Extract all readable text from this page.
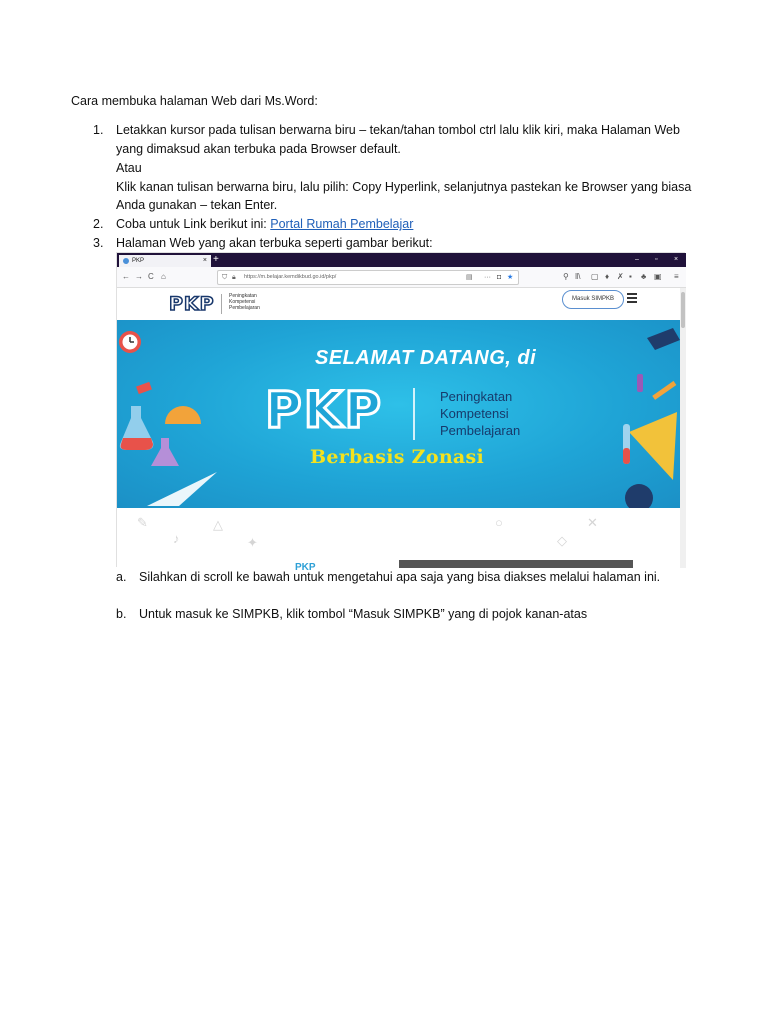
Cara membuka halaman Web dari Ms.Word:
1. Letakkan kursor pada tulisan berwarna biru – tekan/tahan tombol ctrl lalu klik kiri, maka Halaman Web
yang dimaksud akan terbuka pada Browser default.
Atau
Klik kanan tulisan berwarna biru, lalu pilih: Copy Hyperlink, selanjutnya pastekan ke Browser yang biasa
Anda gunakan – tekan Enter.
2. Coba untuk Link berikut ini: Portal Rumah Pembelajar
3. Halaman Web yang akan terbuka seperti gambar berikut:
PKP	× +	– ▫ ×
← → C ⌂	⛉ 🔒︎ https://m.belajar.kemdikbud.go.id/pkp/	▤ ··· ◘ ★	⚲ ǁ\ ▢ ♦ ✗ ▪ ♣ ▣ ≡
PKP	Peningkatan
Kompetensi
Pembelajaran
Masuk SIMPKB
SELAMAT DATANG, di
PKP	Peningkatan
Kompetensi
Pembelajaran
Berbasis Zonasi
✎
♪
△
✦
○
◇
✕
PKP
a. Silahkan di scroll ke bawah untuk mengetahui apa saja yang bisa diakses melalui halaman ini.
b. Untuk masuk ke SIMPKB, klik tombol “Masuk SIMPKB” yang di pojok kanan-atas
